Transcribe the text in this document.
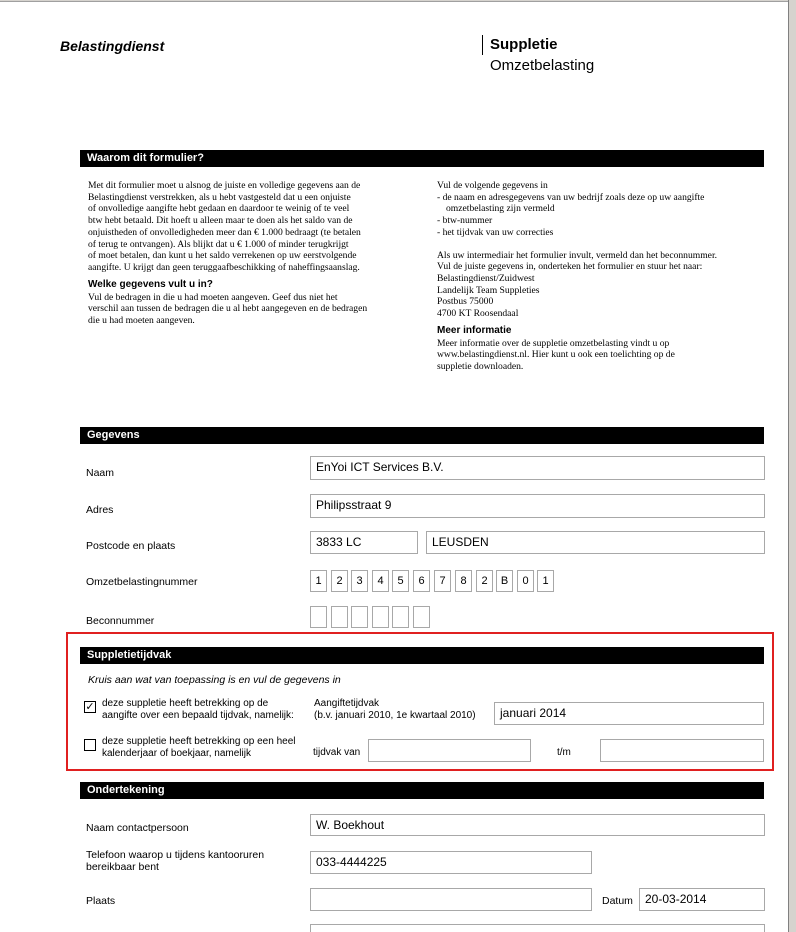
Belastingdienst	Suppletie
Omzetbelasting
Waarom dit formulier?
Met dit formulier moet u alsnog de juiste en volledige gegevens aan de
Belastingdienst verstrekken, als u hebt vastgesteld dat u een onjuiste
of onvolledige aangifte hebt gedaan en daardoor te weinig of te veel
btw hebt betaald. Dit hoeft u alleen maar te doen als het saldo van de
onjuistheden of onvolledigheden meer dan € 1.000 bedraagt (te betalen
of terug te ontvangen). Als blijkt dat u € 1.000 of minder terugkrijgt
of moet betalen, dan kunt u het saldo verrekenen op uw eerstvolgende
aangifte. U krijgt dan geen teruggaafbeschikking of naheffingsaanslag.
Welke gegevens vult u in?
Vul de bedragen in die u had moeten aangeven. Geef dus niet het
verschil aan tussen de bedragen die u al hebt aangegeven en de bedragen
die u had moeten aangeven.
Vul de volgende gegevens in
- de naam en adresgegevens van uw bedrijf zoals deze op uw aangifte
omzetbelasting zijn vermeld
- btw-nummer
- het tijdvak van uw correcties
Als uw intermediair het formulier invult, vermeld dan het beconnummer.
Vul de juiste gegevens in, onderteken het formulier en stuur het naar:
Belastingdienst/Zuidwest
Landelijk Team Suppleties
Postbus 75000
4700 KT Roosendaal
Meer informatie
Meer informatie over de suppletie omzetbelasting vindt u op
www.belastingdienst.nl. Hier kunt u ook een toelichting op de
suppletie downloaden.
Gegevens
Naam	EnYoi ICT Services B.V.
Adres	Philipsstraat 9
Postcode en plaats	3833 LC	LEUSDEN
Omzetbelastingnummer	1	2	3	4	5	6	7	8	2	B	0	1
Beconnummer
Suppletietijdvak
Kruis aan wat van toepassing is en vul de gegevens in
✓ deze suppletie heeft betrekking op de
aangifte over een bepaald tijdvak, namelijk:
Aangiftetijdvak
(b.v. januari 2010, 1e kwartaal 2010)	januari 2014
deze suppletie heeft betrekking op een heel
kalenderjaar of boekjaar, namelijk	tijdvak van	t/m
Ondertekening
Naam contactpersoon	W. Boekhout
Telefoon waarop u tijdens kantooruren
bereikbaar bent	033-4444225
Plaats	Datum	20-03-2014
